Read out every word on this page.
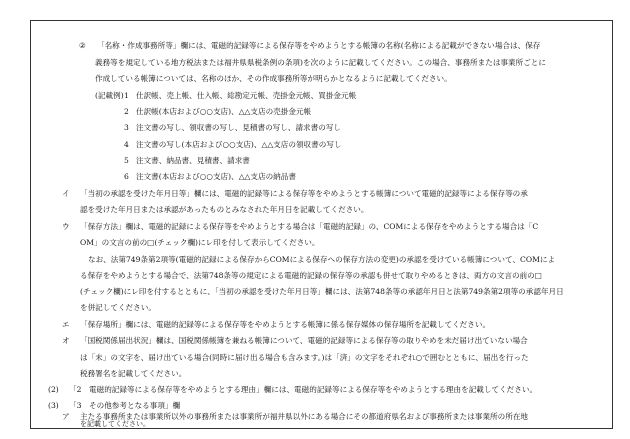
② 「名称・作成事務所等」欄には、電磁的記録等による保存等をやめようとする帳簿の名称(名称による記載ができない場合は、保存
義務等を規定している地方税法または福井県県税条例の条項)を次のように記載してください。この場合、事務所または事業所ごとに
作成している帳簿については、名称のほか、その作成事務所等が明らかとなるように記載してください。
(記載例) 1 仕訳帳、売上帳、仕入帳、総勘定元帳、売掛金元帳、買掛金元帳
2 仕訳帳(本店および○○支店)、△△支店の売掛金元帳
3 注文書の写し、領収書の写し、見積書の写し、請求書の写し
4 注文書の写し(本店および○○支店)、△△支店の領収書の写し
5 注文書、納品書、見積書、請求書
6 注文書(本店および○○支店)、△△支店の納品書
イ 「当初の承認を受けた年月日等」欄には、電磁的記録等による保存等をやめようとする帳簿について電磁的記録等による保存等の承
認を受けた年月日または承認があったものとみなされた年月日を記載してください。
ウ 「保存方法」欄は、電磁的記録による保存等をやめようとする場合は「電磁的記録」の、COMによる保存をやめようとする場合は「C
OM」の文言の前の□(チェック欄)にレ印を付して表示してください。
なお、法第749条第2項等(電磁的記録による保存からCOMによる保存への保存方法の変更)の承認を受けている帳簿について、COMによ
る保存をやめようとする場合で、法第748条等の規定による電磁的記録の保存等の承認も併せて取りやめるときは、両方の文言の前の□
(チェック欄)にレ印を付するとともに、「当初の承認を受けた年月日等」欄には、法第748条等の承認年月日と法第749条第2項等の承認年月日
を併記してください。
エ 「保存場所」欄には、電磁的記録等による保存等をやめようとする帳簿に係る保存媒体の保存場所を記載してください。
オ 「国税関係届出状況」欄は、国税関係帳簿を兼ねる帳簿について、電磁的記録等による保存等の取りやめを未だ届け出ていない場合
は「未」の文字を、届け出ている場合(同時に届け出る場合も含みます。)は「済」の文字をそれぞれ○で囲むとともに、届出を行った
税務署名を記載してください。
(2) 「2　電磁的記録等による保存等をやめようとする理由」欄には、電磁的記録等による保存等をやめようとする理由を記載してください。
(3) 「3　その他参考となる事項」欄
ア 主たる事務所または事業所以外の事務所または事業所が福井県以外にある場合にその都道府県名および事務所または事業所の所在地
を記載してください。
